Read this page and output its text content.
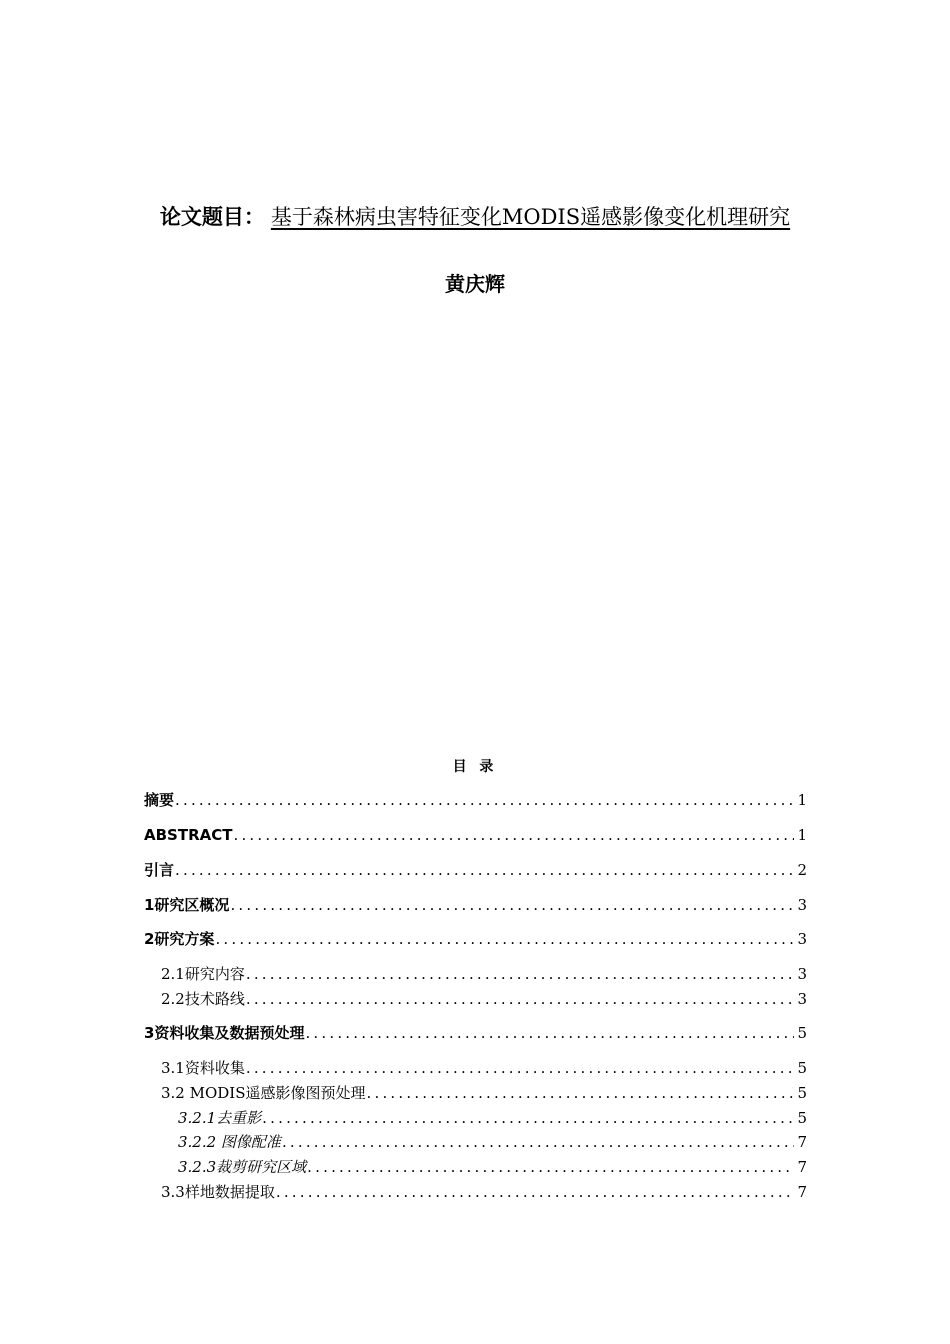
论文题目： 基于森林病虫害特征变化MODIS遥感影像变化机理研究
黄庆辉
目 录
摘要 .....	1
ABSTRACT .....	1
引言 .....	2
1研究区概况 .....	3
2研究方案 .....	3
2.1研究内容 .....	3
2.2技术路线 .....	3
3资料收集及数据预处理 .....	5
3.1资料收集 .....	5
3.2 MODIS遥感影像图预处理 .....	5
3.2.1去重影 .....	5
3.2.2 图像配准 .....	7
3.2.3裁剪研究区域 .....	7
3.3样地数据提取 .....	7
